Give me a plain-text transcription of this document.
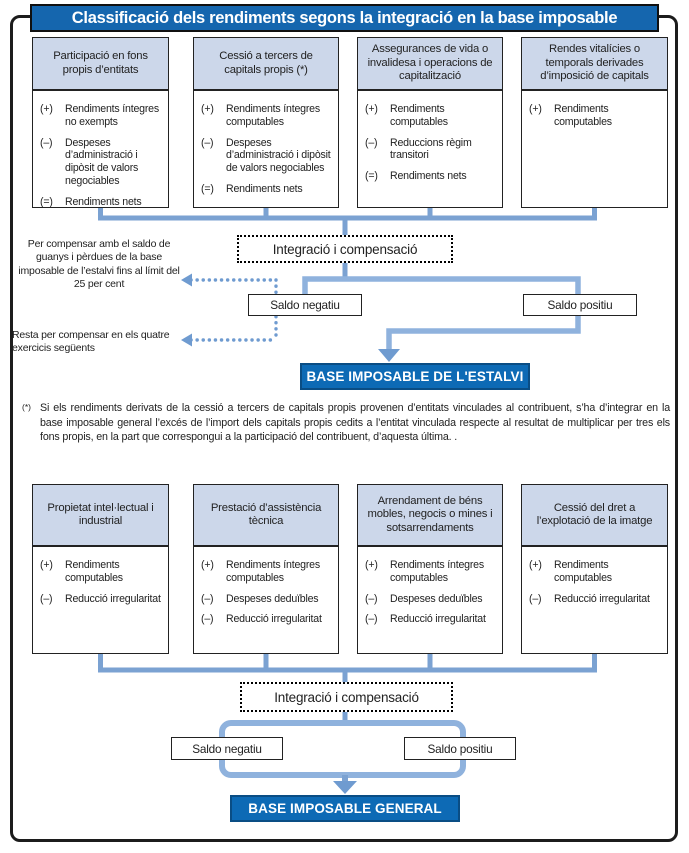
Classificació dels rendiments segons la integració en la base imposable
Participació en fons propis d’entitats
(+)	Rendiments íntegres no exempts
(–)	Despeses d’administració i dipòsit de valors negociables
(=)	Rendiments nets
Cessió a tercers de capitals propis (*)
(+)	Rendiments íntegres computables
(–)	Despeses d’administració i dipòsit de valors negociables
(=)	Rendiments nets
Assegurances de vida o invalidesa i operacions de capitalització
(+)	Rendiments computables
(–)	Reduccions règim transitori
(=)	Rendiments nets
Rendes vitalícies o temporals derivades d’imposició de capitals
(+)	Rendiments computables
Integració i compensació
Saldo negatiu	Saldo positiu
BASE IMPOSABLE DE L'ESTALVI
Per compensar amb el saldo de guanys i pèrdues de la base imposable de l’estalvi fins al límit del 25 per cent
Resta per compensar en els quatre exercicis següents
(*) Si els rendiments derivats de la cessió a tercers de capitals propis provenen d’entitats vinculades al contribuent, s’ha d’integrar en la base imposable general l’excés de l’import dels capitals propis cedits a l’entitat vinculada respecte al resultat de multiplicar per tres els fons propis, en la part que correspongui a la participació del contribuent, d’aquesta última. .
Propietat intel·lectual i industrial
(+)	Rendiments computables
(–)	Reducció irregularitat
Prestació d’assistència tècnica
(+)	Rendiments íntegres computables
(–)	Despeses deduïbles
(–)	Reducció irregularitat
Arrendament de béns mobles, negocis o mines i sotsarrendaments
(+)	Rendiments íntegres computables
(–)	Despeses deduïbles
(–)	Reducció irregularitat
Cessió del dret a l’explotació de la imatge
(+)	Rendiments computables
(–)	Reducció irregularitat
Integració i compensació
Saldo negatiu	Saldo positiu
BASE IMPOSABLE GENERAL
